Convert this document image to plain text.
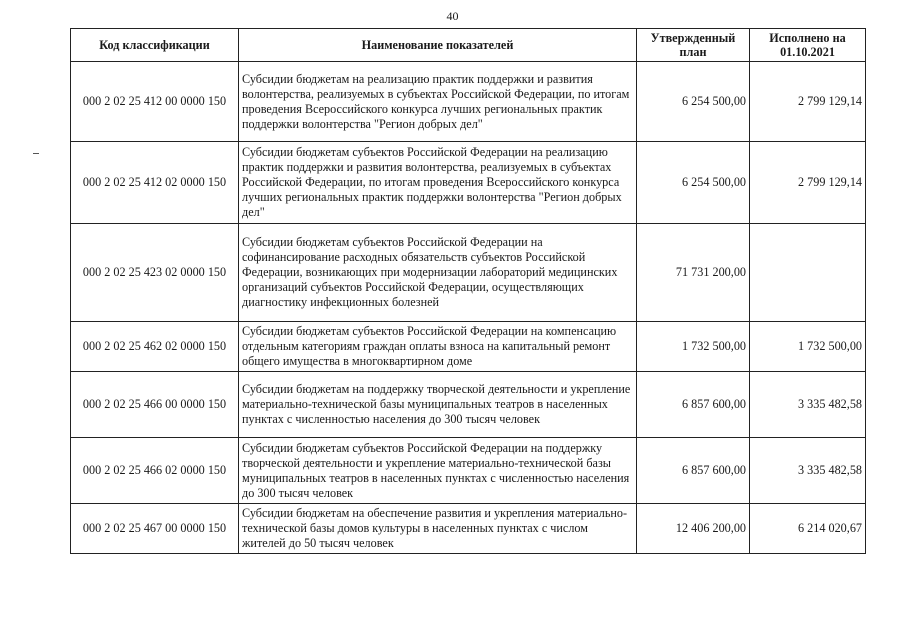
40
Код классификации	Наименование показателей	Утвержденный план	Исполнено на 01.10.2021
000 2 02 25 412 00 0000 150	Субсидии бюджетам на реализацию практик поддержки и развития волонтерства, реализуемых в субъектах Российской Федерации, по итогам проведения Всероссийского конкурса лучших региональных практик поддержки волонтерства "Регион добрых дел"	6 254 500,00	2 799 129,14
000 2 02 25 412 02 0000 150	Субсидии бюджетам субъектов Российской Федерации на реализацию практик поддержки и развития волонтерства, реализуемых в субъектах Российской Федерации, по итогам проведения Всероссийского конкурса лучших региональных практик поддержки волонтерства "Регион добрых дел"	6 254 500,00	2 799 129,14
000 2 02 25 423 02 0000 150	Субсидии бюджетам субъектов Российской Федерации на софинансирование расходных обязательств субъектов Российской Федерации, возникающих при модернизации лабораторий медицинских организаций субъектов Российской Федерации, осуществляющих диагностику инфекционных болезней	71 731 200,00	
000 2 02 25 462 02 0000 150	Субсидии бюджетам субъектов Российской Федерации на компенсацию отдельным категориям граждан оплаты взноса на капитальный ремонт общего имущества в многоквартирном доме	1 732 500,00	1 732 500,00
000 2 02 25 466 00 0000 150	Субсидии бюджетам на поддержку творческой деятельности и укрепление материально-технической базы муниципальных театров в населенных пунктах с численностью населения до 300 тысяч человек	6 857 600,00	3 335 482,58
000 2 02 25 466 02 0000 150	Субсидии бюджетам субъектов Российской Федерации на поддержку творческой деятельности и укрепление материально-технической базы муниципальных театров в населенных пунктах с численностью населения до 300 тысяч человек	6 857 600,00	3 335 482,58
000 2 02 25 467 00 0000 150	Субсидии бюджетам на обеспечение развития и укрепления материально-технической базы домов культуры в населенных пунктах с числом жителей до 50 тысяч человек	12 406 200,00	6 214 020,67
